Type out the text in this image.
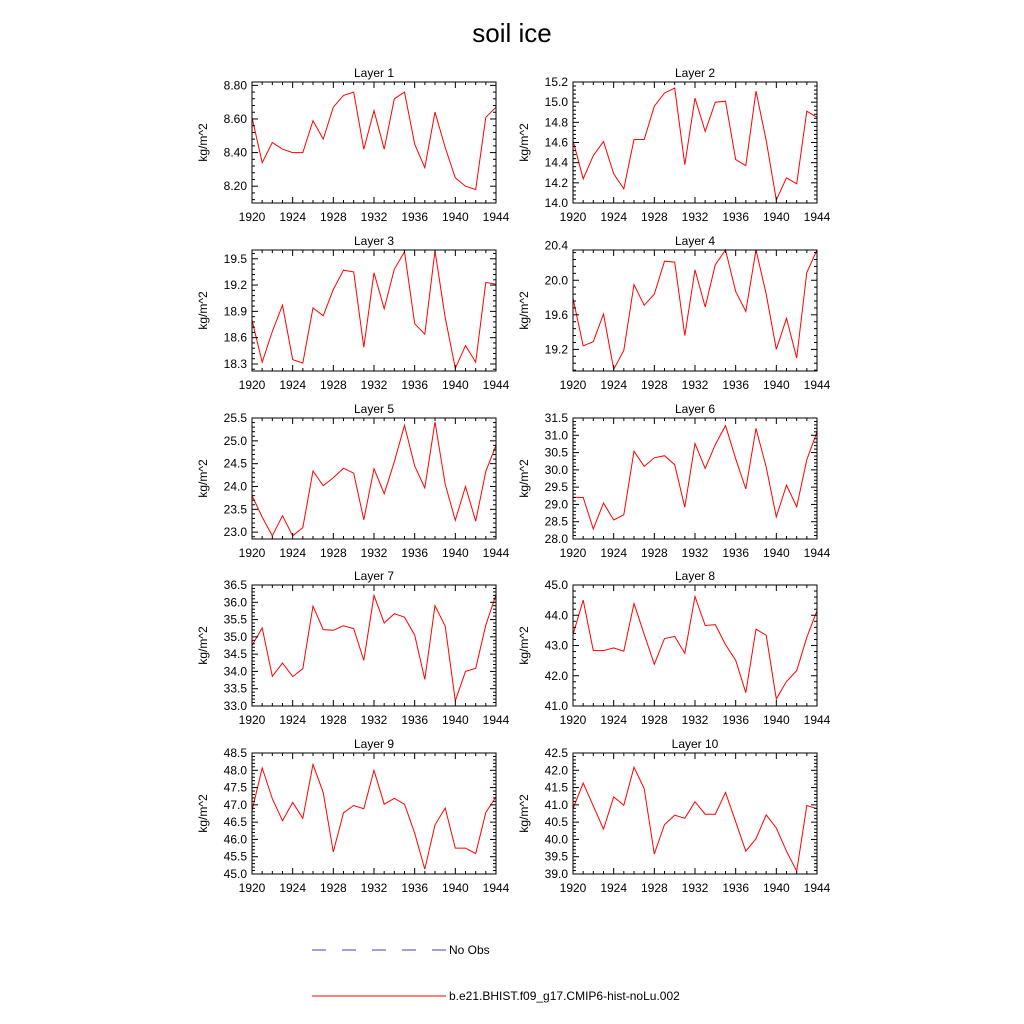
soil ice
Layer 1
kg/m^2
1920 1924 1928 1932 1936 1940 1944
8.20
8.40
8.60
8.80
Layer 2
kg/m^2
1920 1924 1928 1932 1936 1940 1944
14.0
14.2
14.4
14.6
14.8
15.0
15.2
Layer 3
kg/m^2
1920 1924 1928 1932 1936 1940 1944
18.3
18.6
18.9
19.2
19.5
Layer 4
kg/m^2
1920 1924 1928 1932 1936 1940 1944
19.2
19.6
20.0
20.4
Layer 5
kg/m^2
1920 1924 1928 1932 1936 1940 1944
23.0
23.5
24.0
24.5
25.0
25.5
Layer 6
kg/m^2
1920 1924 1928 1932 1936 1940 1944
28.0
28.5
29.0
29.5
30.0
30.5
31.0
31.5
Layer 7
kg/m^2
1920 1924 1928 1932 1936 1940 1944
33.0
33.5
34.0
34.5
35.0
35.5
36.0
36.5
Layer 8
kg/m^2
1920 1924 1928 1932 1936 1940 1944
41.0
42.0
43.0
44.0
45.0
Layer 9
kg/m^2
1920 1924 1928 1932 1936 1940 1944
45.0
45.5
46.0
46.5
47.0
47.5
48.0
48.5
Layer 10
kg/m^2
1920 1924 1928 1932 1936 1940 1944
39.0
39.5
40.0
40.5
41.0
41.5
42.0
42.5
No Obs
b.e21.BHIST.f09_g17.CMIP6-hist-noLu.002
